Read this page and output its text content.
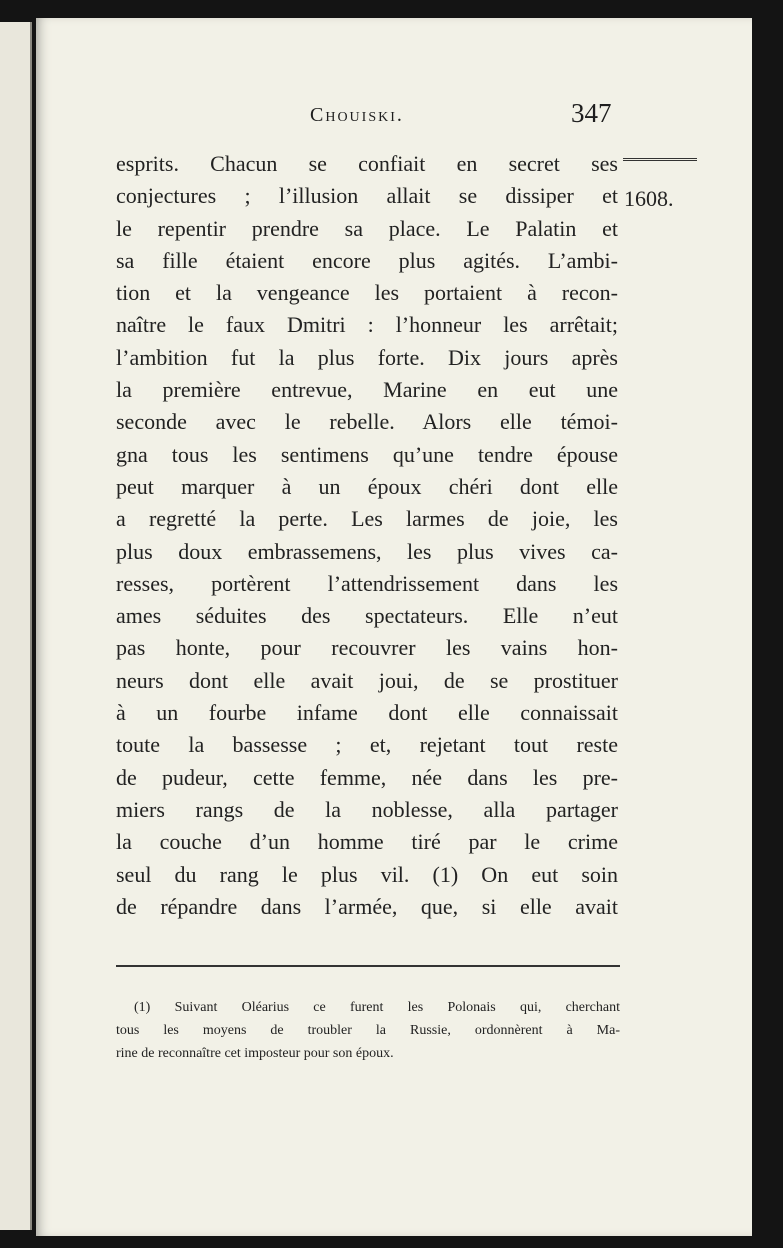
Chouiski.	347
1608.
esprits. Chacun se confiait en secret ses
conjectures ; l’illusion allait se dissiper et
le repentir prendre sa place. Le Palatin et
sa fille étaient encore plus agités. L’ambi-
tion et la vengeance les portaient à recon-
naître le faux Dmitri : l’honneur les arrêtait;
l’ambition fut la plus forte. Dix jours après
la première entrevue, Marine en eut une
seconde avec le rebelle. Alors elle témoi-
gna tous les sentimens qu’une tendre épouse
peut marquer à un époux chéri dont elle
a regretté la perte. Les larmes de joie, les
plus doux embrassemens, les plus vives ca-
resses, portèrent l’attendrissement dans les
ames séduites des spectateurs. Elle n’eut
pas honte, pour recouvrer les vains hon-
neurs dont elle avait joui, de se prostituer
à un fourbe infame dont elle connaissait
toute la bassesse ; et, rejetant tout reste
de pudeur, cette femme, née dans les pre-
miers rangs de la noblesse, alla partager
la couche d’un homme tiré par le crime
seul du rang le plus vil. (1) On eut soin
de répandre dans l’armée, que, si elle avait
(1) Suivant Oléarius ce furent les Polonais qui, cherchant
tous les moyens de troubler la Russie, ordonnèrent à Ma-
rine de reconnaître cet imposteur pour son époux.
